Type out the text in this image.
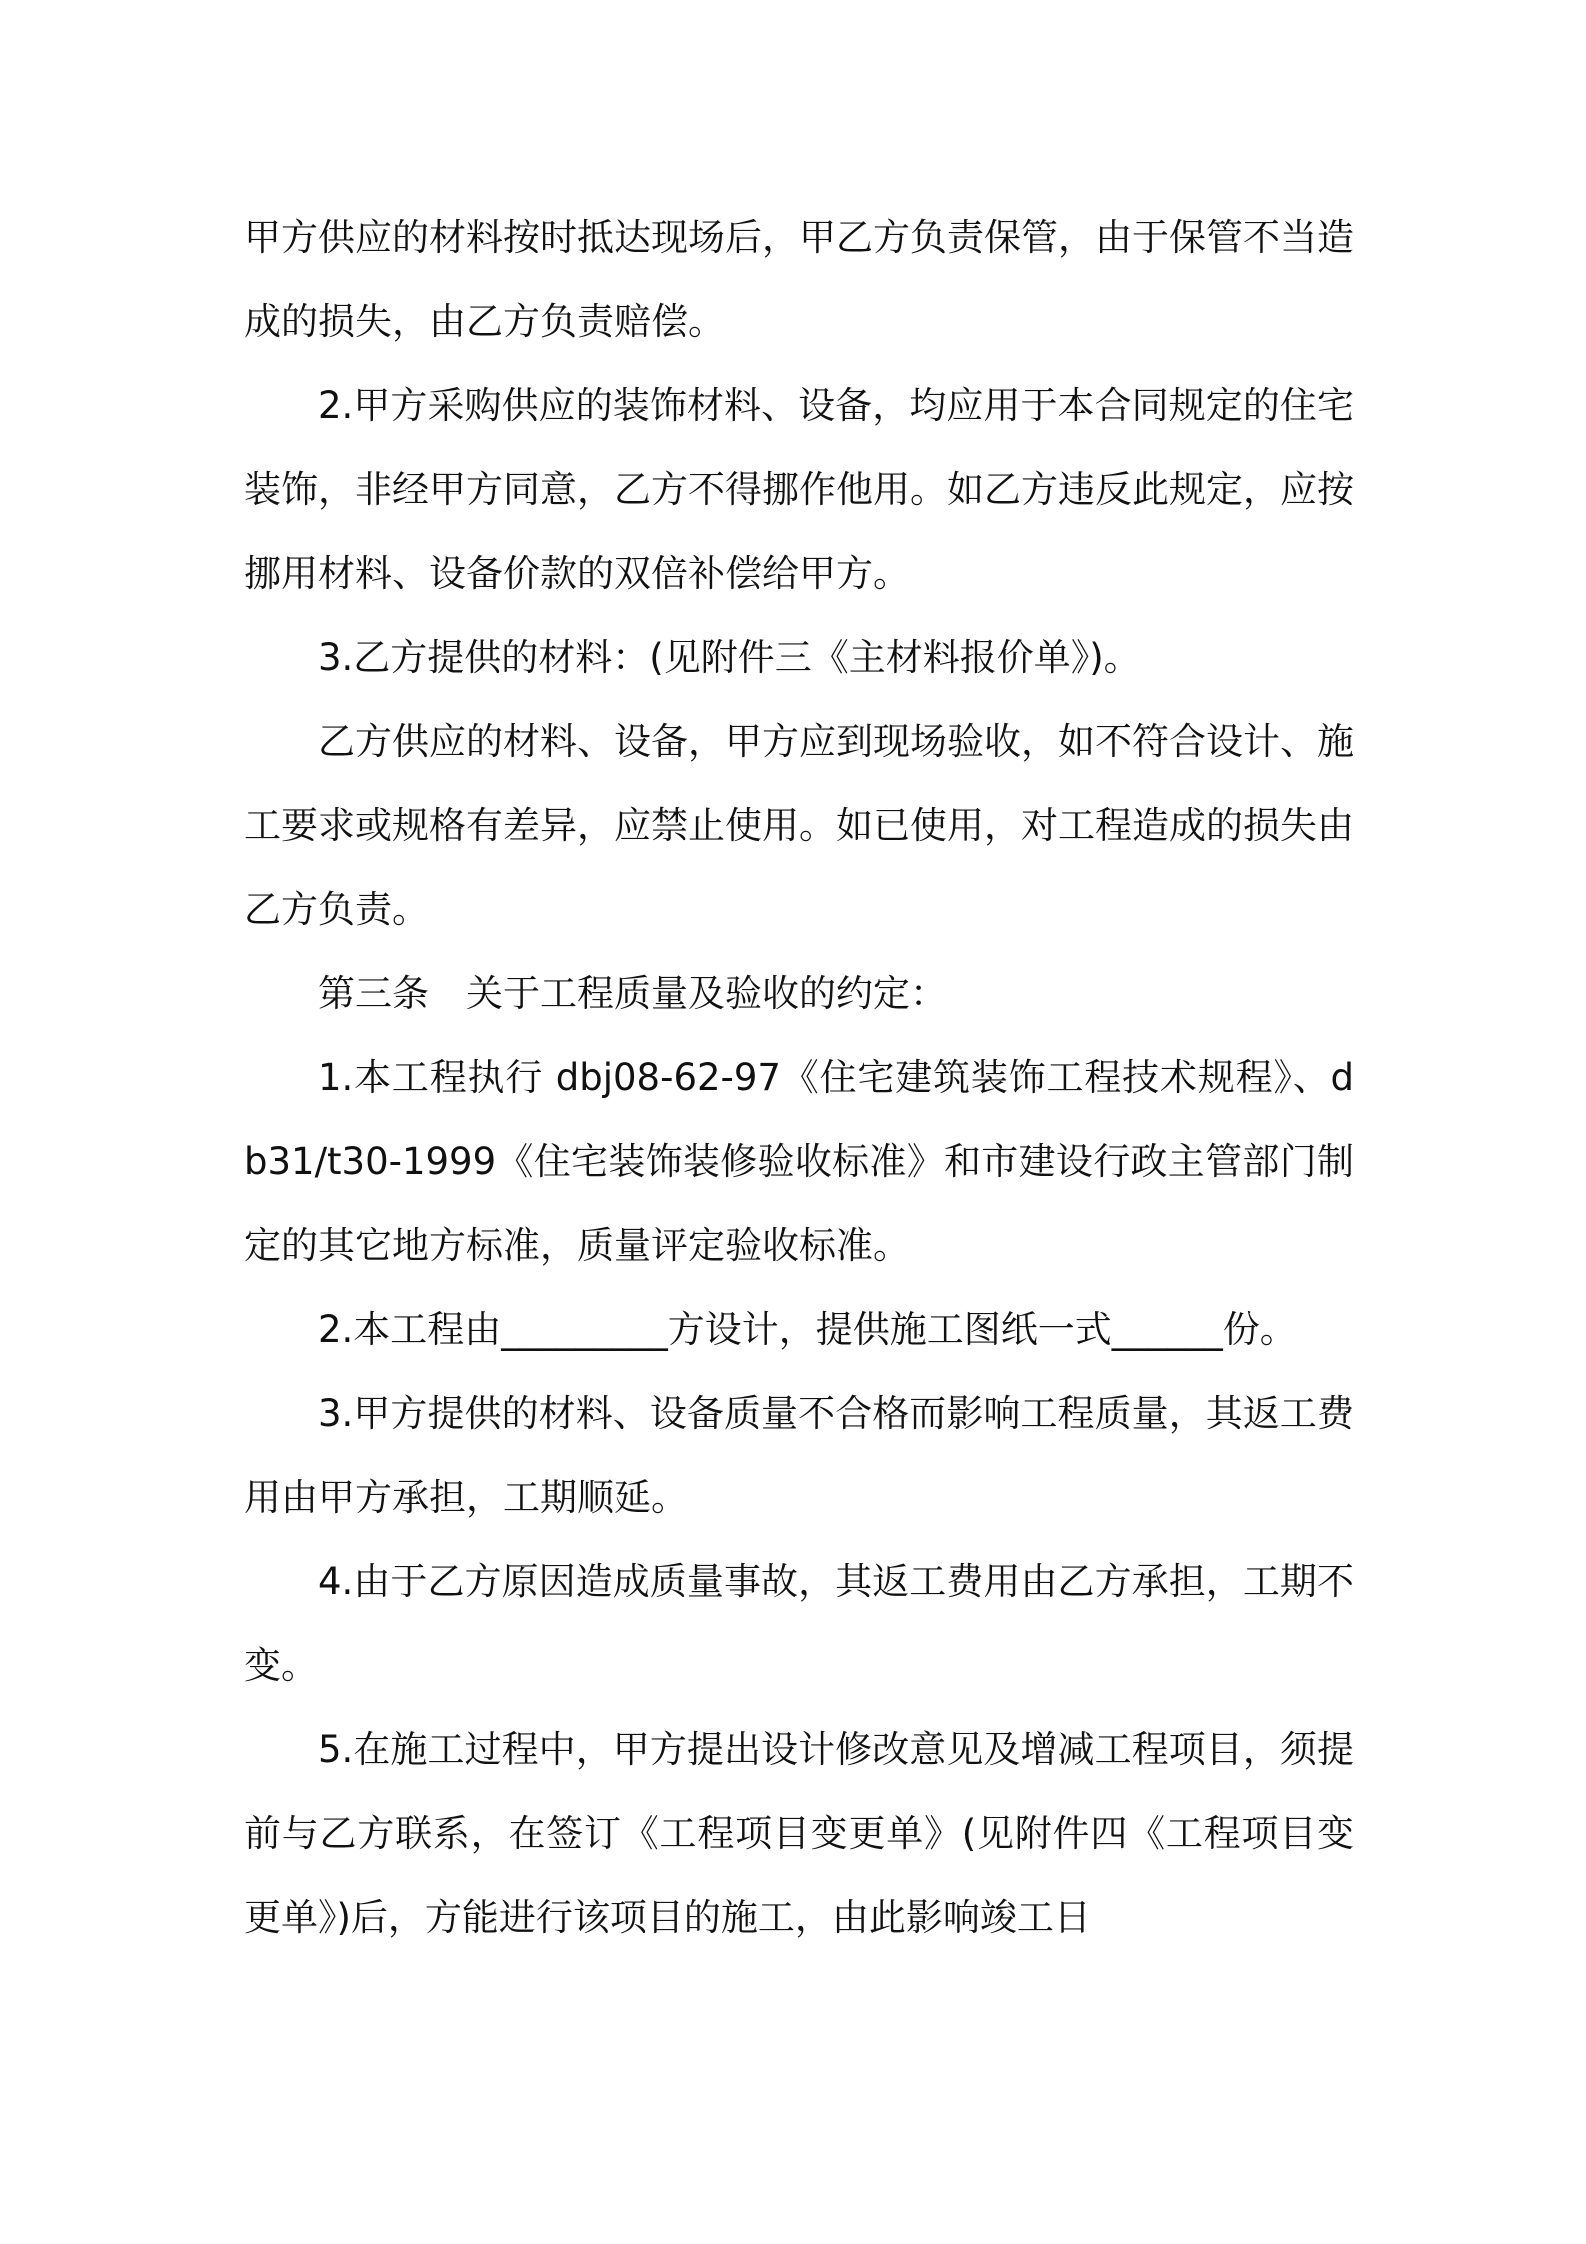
甲方供应的材料按时抵达现场后，甲乙方负责保管，由于保管不当造成的损失，由乙方负责赔偿。

2.甲方采购供应的装饰材料、设备，均应用于本合同规定的住宅装饰，非经甲方同意，乙方不得挪作他用。如乙方违反此规定，应按挪用材料、设备价款的双倍补偿给甲方。

3.乙方提供的材料：(见附件三《主材料报价单》)。

乙方供应的材料、设备，甲方应到现场验收，如不符合设计、施工要求或规格有差异，应禁止使用。如已使用，对工程造成的损失由乙方负责。

第三条　关于工程质量及验收的约定：

1.本工程执行 dbj08-62-97《住宅建筑装饰工程技术规程》、db31/t30-1999《住宅装饰装修验收标准》和市建设行政主管部门制定的其它地方标准，质量评定验收标准。

2.本工程由_________方设计，提供施工图纸一式______份。

3.甲方提供的材料、设备质量不合格而影响工程质量，其返工费用由甲方承担，工期顺延。

4.由于乙方原因造成质量事故，其返工费用由乙方承担，工期不变。

5.在施工过程中，甲方提出设计修改意见及增减工程项目，须提前与乙方联系，在签订《工程项目变更单》(见附件四《工程项目变更单》)后，方能进行该项目的施工，由此影响竣工日
